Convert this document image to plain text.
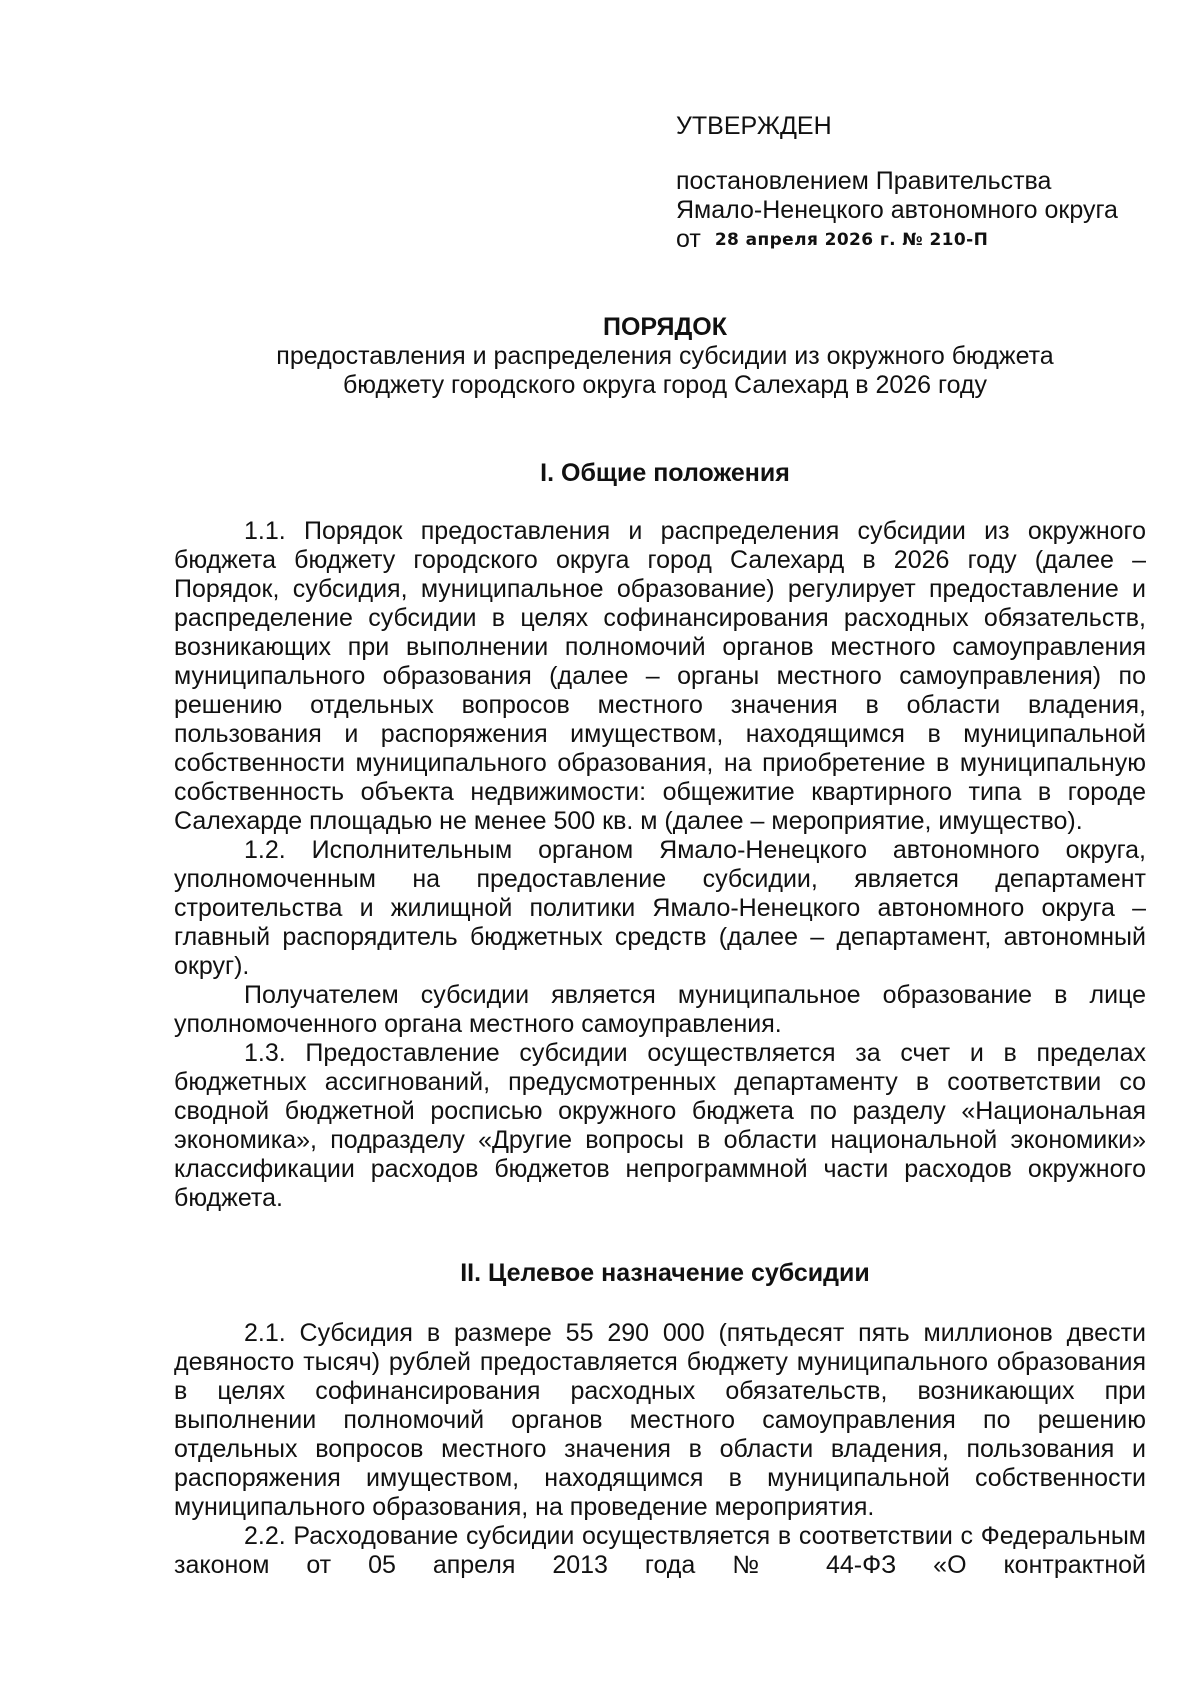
УТВЕРЖДЕН
постановлением Правительства
Ямало-Ненецкого автономного округа
от 28 апреля 2026 г. № 210-П
ПОРЯДОК
предоставления и распределения субсидии из окружного бюджета
бюджету городского округа город Салехард в 2026 году
I. Общие положения

1.1. Порядок предоставления и распределения субсидии из окружного бюджета бюджету городского округа город Салехард в 2026 году (далее – Порядок, субсидия, муниципальное образование) регулирует предоставление и распределение субсидии в целях софинансирования расходных обязательств, возникающих при выполнении полномочий органов местного самоуправления муниципального образования (далее – органы местного самоуправления) по решению отдельных вопросов местного значения в области владения, пользования и распоряжения имуществом, находящимся в муниципальной собственности муниципального образования, на приобретение в муниципальную собственность объекта недвижимости: общежитие квартирного типа в городе Салехарде площадью не менее 500 кв. м (далее – мероприятие, имущество).

1.2. Исполнительным органом Ямало-Ненецкого автономного округа, уполномоченным на предоставление субсидии, является департамент строительства и жилищной политики Ямало-Ненецкого автономного округа – главный распорядитель бюджетных средств (далее – департамент, автономный округ).

Получателем субсидии является муниципальное образование в лице уполномоченного органа местного самоуправления.

1.3. Предоставление субсидии осуществляется за счет и в пределах бюджетных ассигнований, предусмотренных департаменту в соответствии со сводной бюджетной росписью окружного бюджета по разделу «Национальная экономика», подразделу «Другие вопросы в области национальной экономики» классификации расходов бюджетов непрограммной части расходов окружного бюджета.

II. Целевое назначение субсидии

2.1. Субсидия в размере 55 290 000 (пятьдесят пять миллионов двести девяносто тысяч) рублей предоставляется бюджету муниципального образования в целях софинансирования расходных обязательств, возникающих при выполнении полномочий органов местного самоуправления по решению отдельных вопросов местного значения в области владения, пользования и распоряжения имуществом, находящимся в муниципальной собственности муниципального образования, на проведение мероприятия.

2.2. Расходование субсидии осуществляется в соответствии с Федеральным законом от 05 апреля 2013 года № 44-ФЗ «О контрактной
